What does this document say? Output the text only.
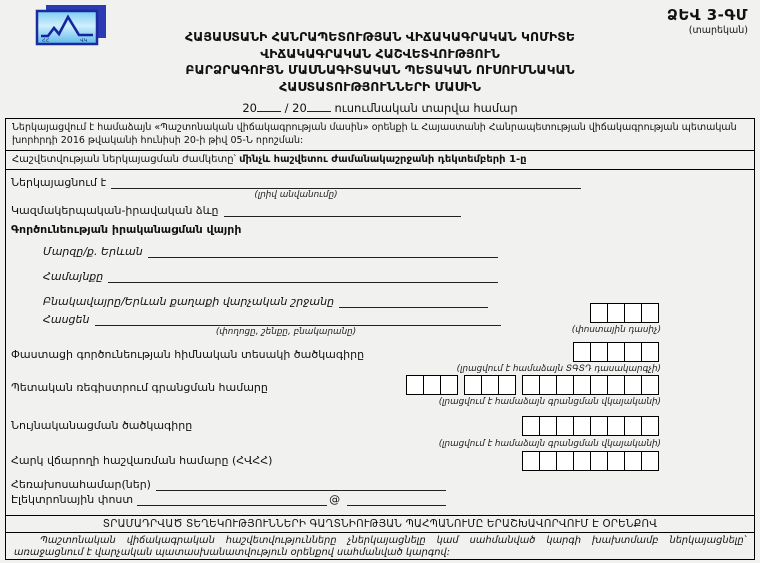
ՀՀ	ՎԿ
ՁԵՎ 3-ԳՄ
(տարեկան)
ՀԱՅԱՍՏԱՆԻ ՀԱՆՐԱՊԵՏՈՒԹՅԱՆ ՎԻՃԱԿԱԳՐԱԿԱՆ ԿՈՄԻՏԵ
ՎԻՃԱԿԱԳՐԱԿԱՆ ՀԱՇՎԵՏՎՈՒԹՅՈՒՆ
ԲԱՐՁՐԱԳՈՒՅՆ ՄԱՍՆԱԳԻՏԱԿԱՆ ՊԵՏԱԿԱՆ ՈՒՍՈՒՄՆԱԿԱՆ
ՀԱՍՏԱՏՈՒԹՅՈՒՆՆԵՐԻ ՄԱՍԻՆ
20 / 20 ուսումնական տարվա համար
Ներկայացվում է համաձայն «Պաշտոնական վիճակագրության մասին» օրենքի և Հայաստանի Հանրապետության վիճակագրության պետական խորհրդի 2016 թվականի հունիսի 20-ի թիվ 05-Ն որոշման:
Հաշվետվության ներկայացման ժամկետը՝ մինչև հաշվետու ժամանակաշրջանի դեկտեմբերի 1-ը
Ներկայացնում է
(լրիվ անվանումը)
Կազմակերպական-իրավական ձևը
Գործունեության իրականացման վայրի
Մարզը/ք. Երևան
Համայնքը
Բնակավայրը/Երևան քաղաքի վարչական շրջանը
Հասցեն
(փողոցը, շենքը, բնակարանը)	(փոստային դասիչ)
Փաստացի գործունեության հիմնական տեսակի ծածկագիրը
(լրացվում է համաձայն ՏԳՏԴ դասակարգչի)
Պետական ռեգիստրում գրանցման համարը
(լրացվում է համաձայն գրանցման վկայականի)
Նույնականացման ծածկագիրը
(լրացվում է համաձայն գրանցման վկայականի)
Հարկ վճարողի հաշվառման համարը (ՀՎՀՀ)
Հեռախոսահամար(ներ)
Էլեկտրոնային փոստ	@
ՏՐԱՄԱԴՐՎԱԾ ՏԵՂԵԿՈՒԹՅՈՒՆՆԵՐԻ ԳԱՂՏՆԻՈՒԹՅԱՆ ՊԱՀՊԱՆՈՒՄԸ ԵՐԱՇԽԱՎՈՐՎՈՒՄ Է ՕՐԵՆՔՈՎ
Պաշտոնական վիճակագրական հաշվետվությունները չներկայացնելը կամ սահմանված կարգի խախտմամբ ներկայացնելը՝ առաջացնում է վարչական պատասխանատվություն օրենքով սահմանված կարգով:
